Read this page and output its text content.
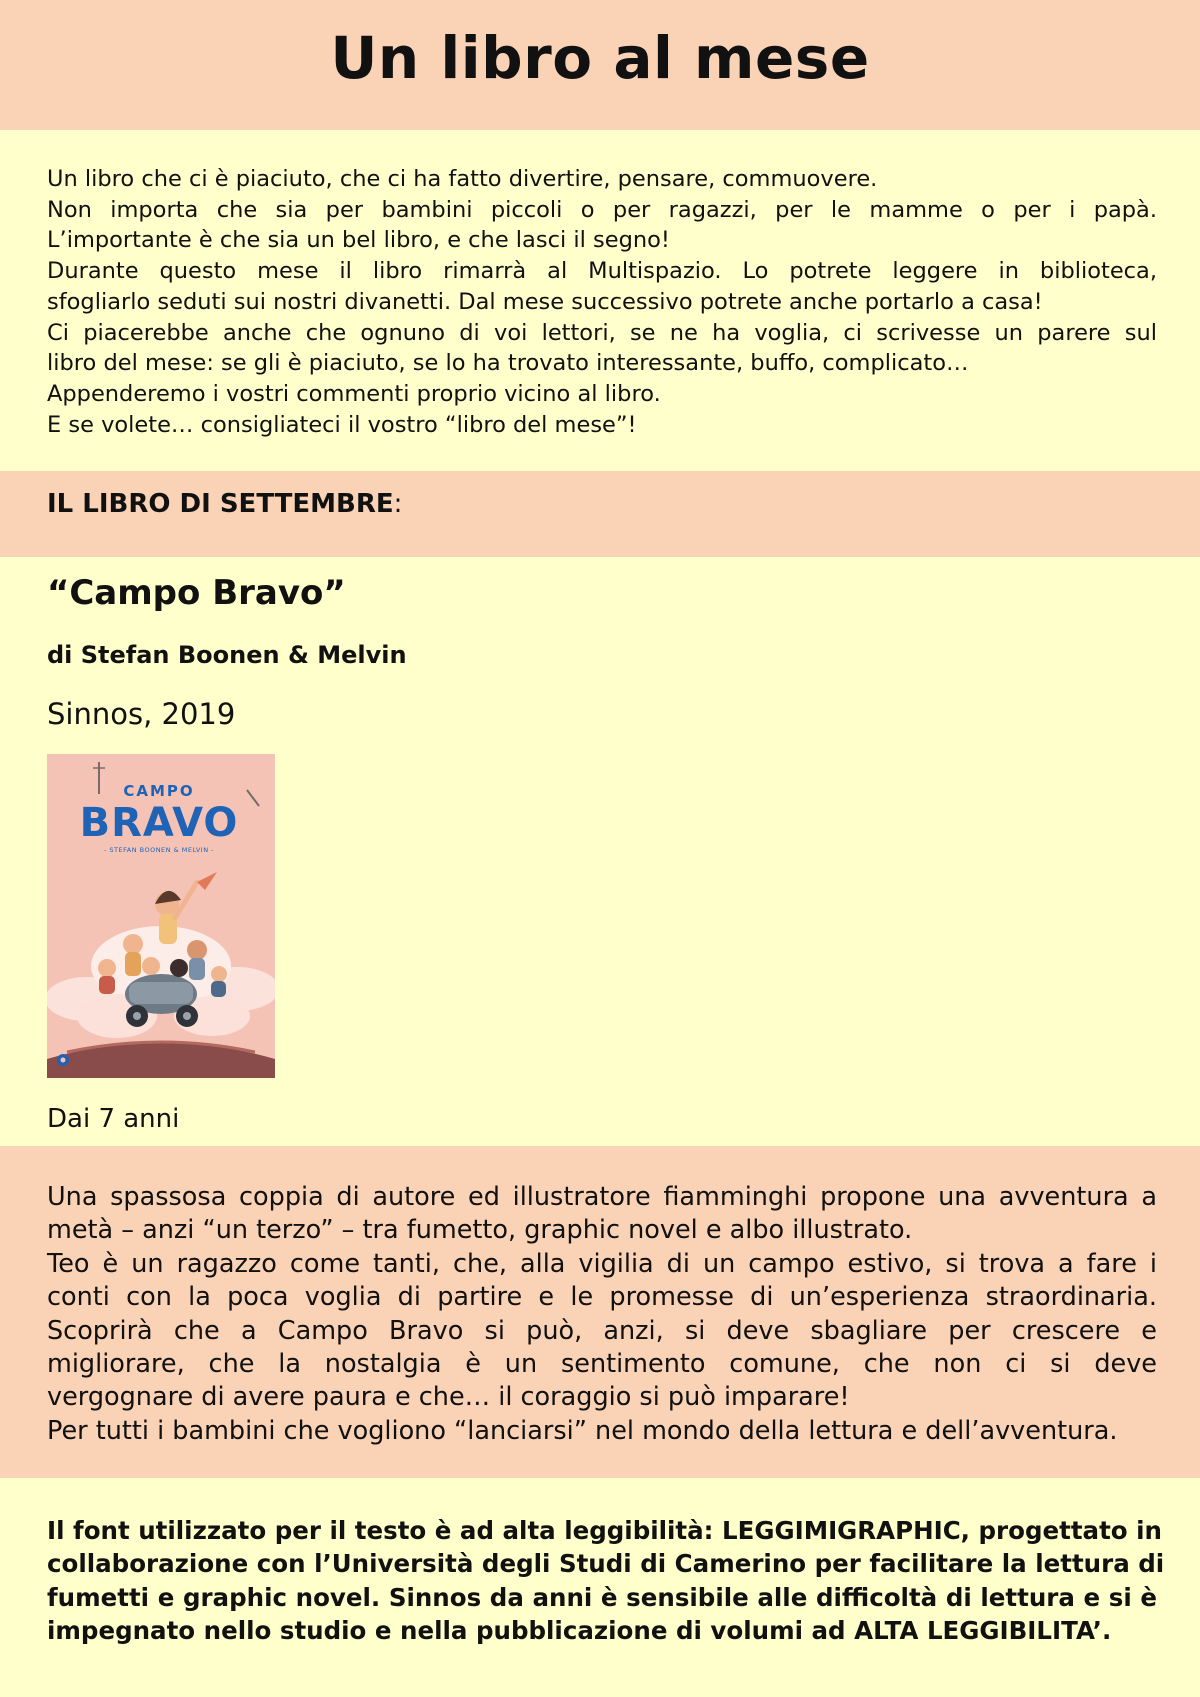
Un libro al mese

Un libro che ci è piaciuto, che ci ha fatto divertire, pensare, commuovere.
Non importa che sia per bambini piccoli o per ragazzi, per le mamme o per i papà.
L’importante è che sia un bel libro, e che lasci il segno!
Durante questo mese il libro rimarrà al Multispazio. Lo potrete leggere in biblioteca,
sfogliarlo seduti sui nostri divanetti. Dal mese successivo potrete anche portarlo a casa!
Ci piacerebbe anche che ognuno di voi lettori, se ne ha voglia, ci scrivesse un parere sul
libro del mese: se gli è piaciuto, se lo ha trovato interessante, buffo, complicato…
Appenderemo i vostri commenti proprio vicino al libro.
E se volete… consigliateci il vostro “libro del mese”!

IL LIBRO DI SETTEMBRE:
“Campo Bravo”

di Stefan Boonen & Melvin

Sinnos, 2019

CAMPO
BRAVO
- STEFAN BOONEN & MELVIN -

Dai 7 anni

Una spassosa coppia di autore ed illustratore fiamminghi propone una avventura a
metà – anzi “un terzo” – tra fumetto, graphic novel e albo illustrato.
Teo è un ragazzo come tanti, che, alla vigilia di un campo estivo, si trova a fare i
conti con la poca voglia di partire e le promesse di un’esperienza straordinaria.
Scoprirà che a Campo Bravo si può, anzi, si deve sbagliare per crescere e
migliorare, che la nostalgia è un sentimento comune, che non ci si deve
vergognare di avere paura e che… il coraggio si può imparare!
Per tutti i bambini che vogliono “lanciarsi” nel mondo della lettura e dell’avventura.

Il font utilizzato per il testo è ad alta leggibilità: LEGGIMIGRAPHIC, progettato in
collaborazione con l’Università degli Studi di Camerino per facilitare la lettura di
fumetti e graphic novel. Sinnos da anni è sensibile alle difficoltà di lettura e si è
impegnato nello studio e nella pubblicazione di volumi ad ALTA LEGGIBILITA’.
